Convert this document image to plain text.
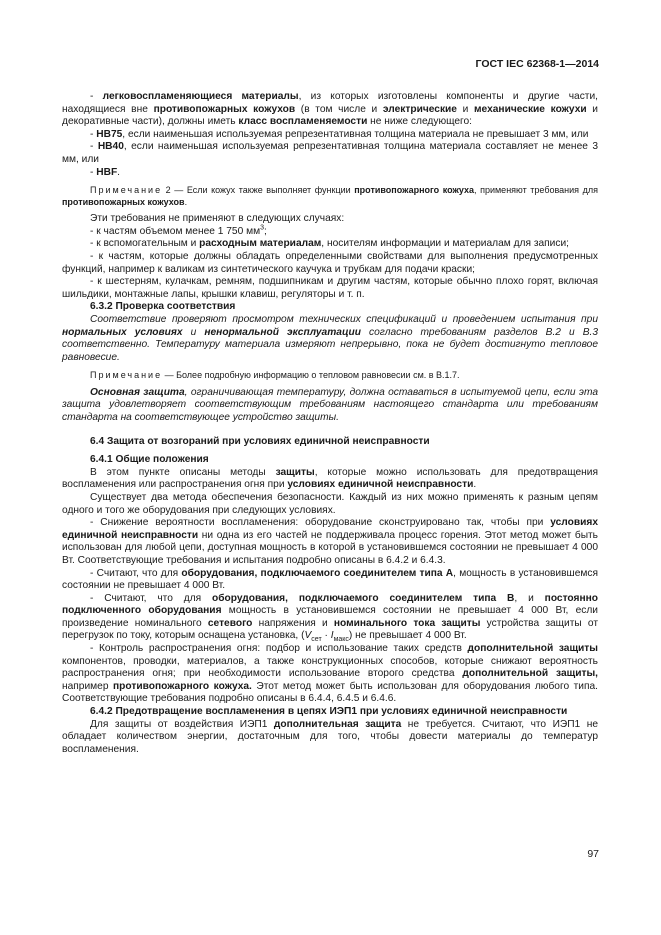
ГОСТ IEC 62368-1—2014

- легковоспламеняющиеся материалы, из которых изготовлены компоненты и другие части, находящиеся вне противопожарных кожухов (в том числе и электрические и механические кожухи и декоративные части), должны иметь класс воспламеняемости не ниже следующего:

- HB75, если наименьшая используемая репрезентативная толщина материала не превышает 3 мм, или

- HB40, если наименьшая используемая репрезентативная толщина материала составляет не менее 3 мм, или

- HBF.

Примечание 2 — Если кожух также выполняет функции противопожарного кожуха, применяют требования для противопожарных кожухов.

Эти требования не применяют в следующих случаях:

- к частям объемом менее 1 750 $мм^3$;

- к вспомогательным и расходным материалам, носителям информации и материалам для записи;

- к частям, которые должны обладать определенными свойствами для выполнения предусмотренных функций, например к валикам из синтетического каучука и трубкам для подачи краски;

- к шестерням, кулачкам, ремням, подшипникам и другим частям, которые обычно плохо горят, включая шильдики, монтажные лапы, крышки клавиш, регуляторы и т. п.

6.3.2 Проверка соответствия

Соответствие проверяют просмотром технических спецификаций и проведением испытания при нормальных условиях и ненормальной эксплуатации согласно требованиям разделов B.2 и B.3 соответственно. Температуру материала измеряют непрерывно, пока не будет достигнуто тепловое равновесие.

Примечание — Более подробную информацию о тепловом равновесии см. в B.1.7.

Основная защита, ограничивающая температуру, должна оставаться в испытуемой цепи, если эта защита удовлетворяет соответствующим требованиям настоящего стандарта или требованиям стандарта на соответствующее устройство защиты.

6.4 Защита от возгораний при условиях единичной неисправности

6.4.1 Общие положения

В этом пункте описаны методы защиты, которые можно использовать для предотвращения воспламенения или распространения огня при условиях единичной неисправности.

Существует два метода обеспечения безопасности. Каждый из них можно применять к разным цепям одного и того же оборудования при следующих условиях.

- Снижение вероятности воспламенения: оборудование сконструировано так, чтобы при условиях единичной неисправности ни одна из его частей не поддерживала процесс горения. Этот метод может быть использован для любой цепи, доступная мощность в которой в установившемся состоянии не превышает 4 000 Вт. Соответствующие требования и испытания подробно описаны в 6.4.2 и 6.4.3.

- Считают, что для оборудования, подключаемого соединителем типа А, мощность в установившемся состоянии не превышает 4 000 Вт.

- Считают, что для оборудования, подключаемого соединителем типа В, и постоянно подключенного оборудования мощность в установившемся состоянии не превышает 4 000 Вт, если произведение номинального сетевого напряжения и номинального тока защиты устройства защиты от перегрузок по току, которым оснащена установка, $(V_{сет} \cdot I_{макс})$ не превышает 4 000 Вт.

- Контроль распространения огня: подбор и использование таких средств дополнительной защиты компонентов, проводки, материалов, а также конструкционных способов, которые снижают вероятность распространения огня; при необходимости использование второго средства дополнительной защиты, например противопожарного кожуха. Этот метод может быть использован для оборудования любого типа. Соответствующие требования подробно описаны в 6.4.4, 6.4.5 и 6.4.6.

6.4.2 Предотвращение воспламенения в цепях ИЭП1 при условиях единичной неисправности

Для защиты от воздействия ИЭП1 дополнительная защита не требуется. Считают, что ИЭП1 не обладает количеством энергии, достаточным для того, чтобы довести материалы до температур воспламенения.

97
